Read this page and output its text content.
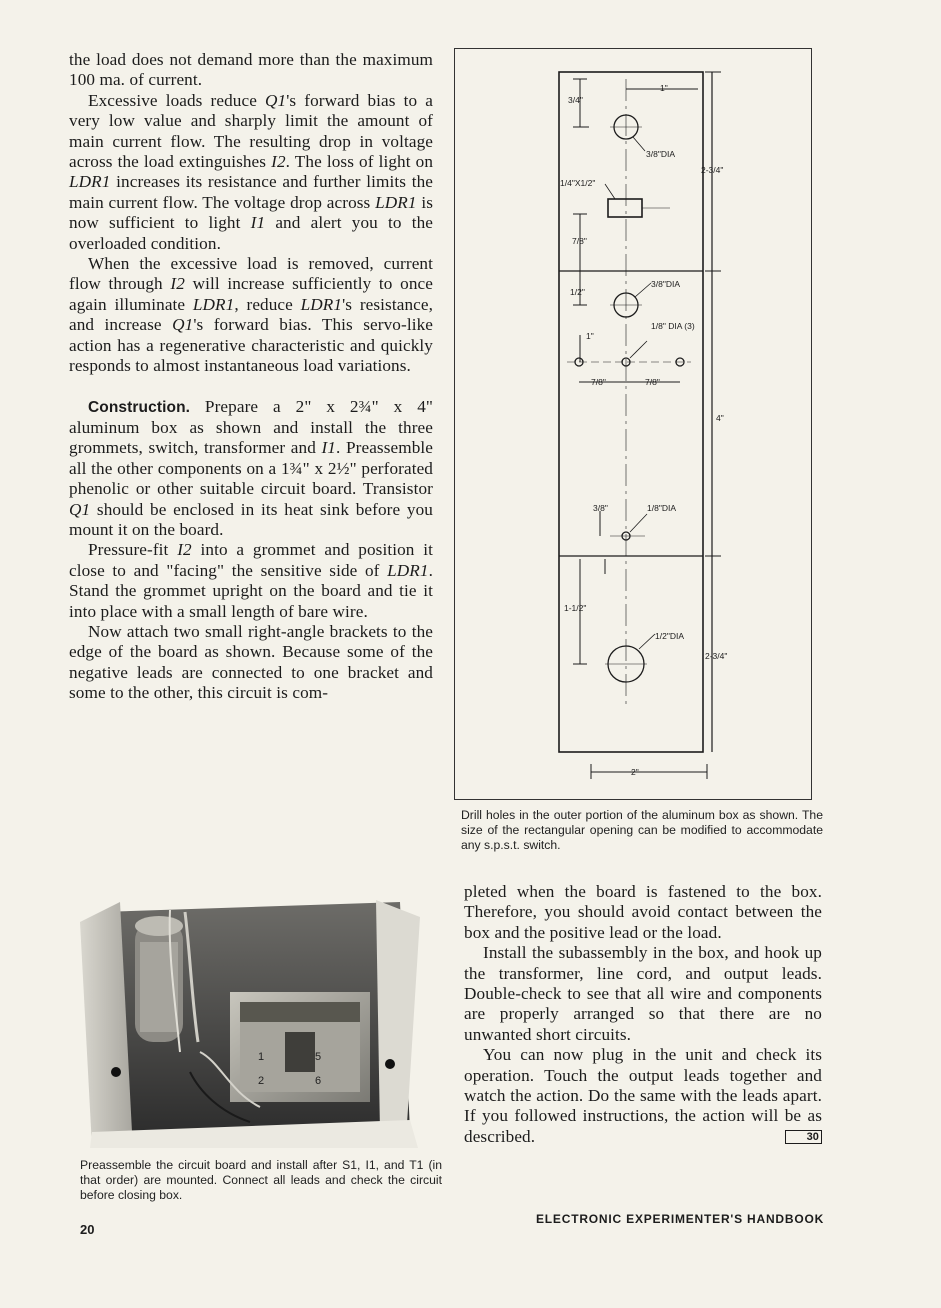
the load does not demand more than the maximum 100 ma. of current.

Excessive loads reduce Q1's forward bias to a very low value and sharply limit the amount of main current flow. The resulting drop in voltage across the load extinguishes I2. The loss of light on LDR1 increases its resistance and further limits the main current flow. The voltage drop across LDR1 is now sufficient to light I1 and alert you to the overloaded condition.

When the excessive load is removed, current flow through I2 will increase sufficiently to once again illuminate LDR1, reduce LDR1's resistance, and increase Q1's forward bias. This servo-like action has a regenerative characteristic and quickly responds to almost instantaneous load variations.

Construction. Prepare a 2" x 2¾" x 4" aluminum box as shown and install the three grommets, switch, transformer and I1. Preassemble all the other components on a 1¾" x 2½" perforated phenolic or other suitable circuit board. Transistor Q1 should be enclosed in its heat sink before you mount it on the board.

Pressure-fit I2 into a grommet and position it close to and "facing" the sensitive side of LDR1. Stand the grommet upright on the board and tie it into place with a small length of bare wire.

Now attach two small right-angle brackets to the edge of the board as shown. Because some of the negative leads are connected to one bracket and some to the other, this circuit is com-

3/4"
1"
3/8"DIA
2-3/4"
1/4"X1/2"
7/8"
1/2"
3/8"DIA
1/8" DIA (3)
1"
7/8"	7/8"
4"
3/8"	1/8"DIA
1-1/2"
1/2"DIA
2-3/4"
2"
Drill holes in the outer portion of the aluminum box as shown. The size of the rectangular opening can be modified to accommodate any s.p.s.t. switch.
1	5
2	6
Preassemble the circuit board and install after S1, I1, and T1 (in that order) are mounted. Connect all leads and check the circuit before closing box.

pleted when the board is fastened to the box. Therefore, you should avoid contact between the box and the positive lead or the load.

Install the subassembly in the box, and hook up the transformer, line cord, and output leads. Double-check to see that all wire and components are properly arranged so that there are no unwanted short circuits.

You can now plug in the unit and check its operation. Touch the output leads together and watch the action. Do the same with the leads apart. If you followed instructions, the action will be as described.	30

20
ELECTRONIC EXPERIMENTER'S HANDBOOK
